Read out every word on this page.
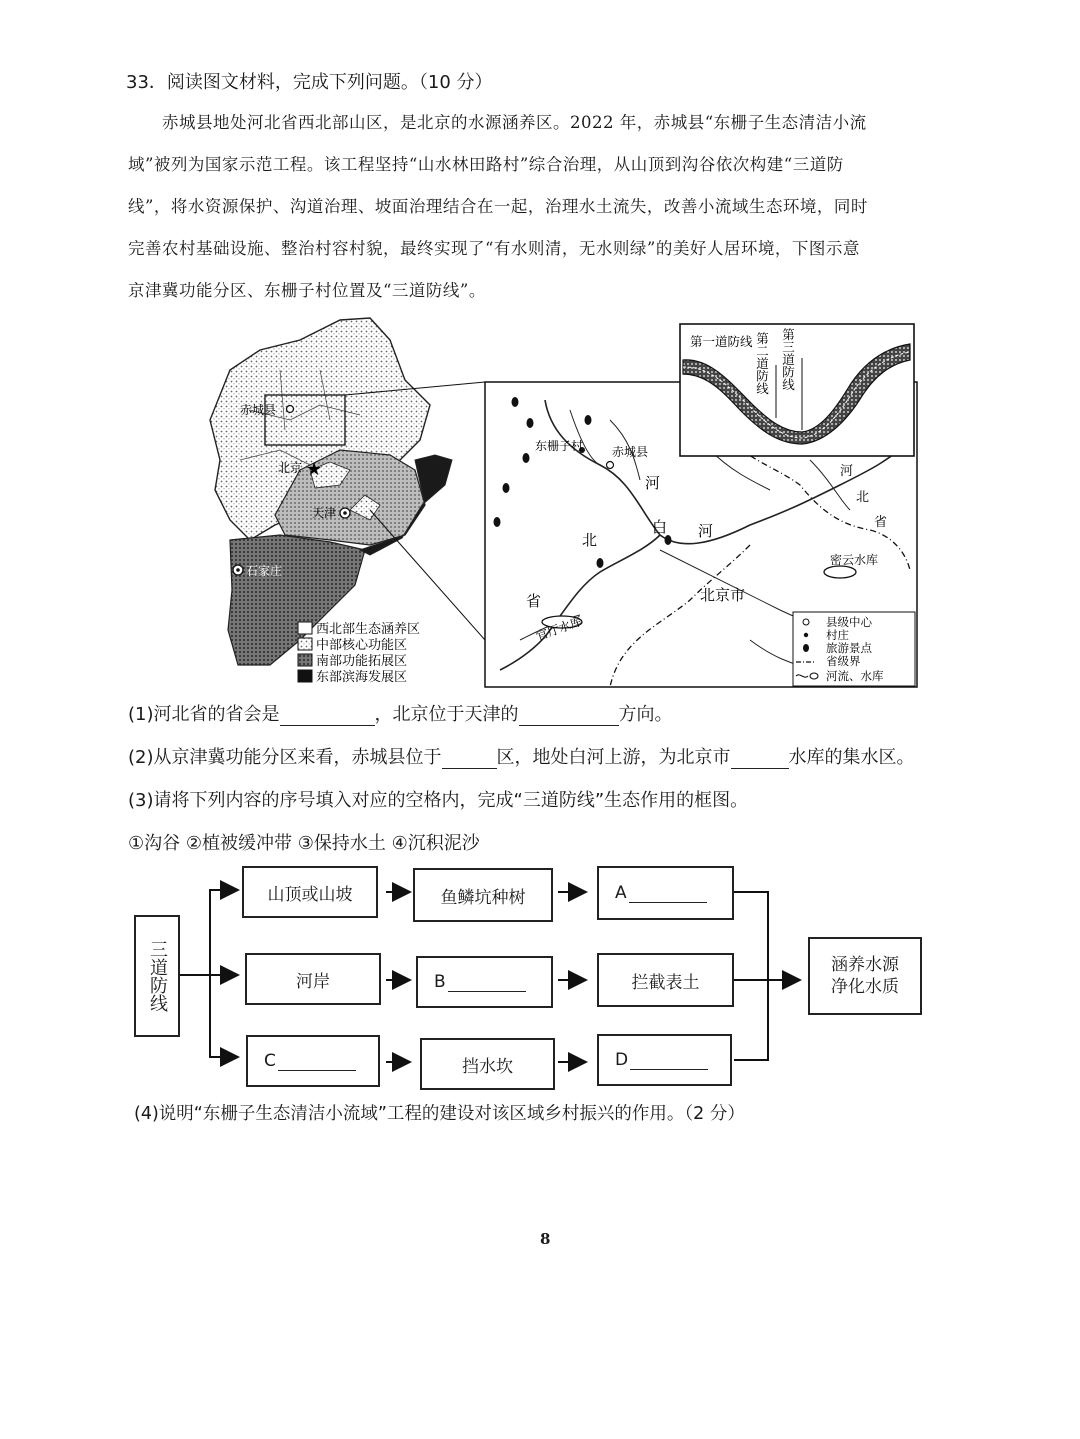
33．阅读图文材料，完成下列问题。（10 分）
赤城县地处河北省西北部山区，是北京的水源涵养区。2022 年，赤城县“东栅子生态清洁小流
域”被列为国家示范工程。该工程坚持“山水林田路村”综合治理，从山顶到沟谷依次构建“三道防
线”，将水资源保护、沟道治理、坡面治理结合在一起，治理水土流失，改善小流域生态环境，同时
完善农村基础设施、整治村容村貌，最终实现了“有水则清，无水则绿”的美好人居环境，下图示意
京津冀功能分区、东栅子村位置及“三道防线”。
赤城县
★
北京
天津
石家庄
西北部生态涵养区
中部核心功能区
南部功能拓展区
东部滨海发展区
东栅子村 赤城县
河
白 河
河
北
省
北
省
密云水库
官厅水库
北京市
县级中心
村庄
旅游景点
省级界
河流、水库
第一道防线 第二道防线 第三道防线
(1)河北省的省会是	，北京位于天津的	方向。
(2)从京津冀功能分区来看，赤城县位于	区，地处白河上游，为北京市	水库的集水区。
(3)请将下列内容的序号填入对应的空格内，完成“三道防线”生态作用的框图。
①沟谷 ②植被缓冲带 ③保持水土 ④沉积泥沙
三道防线
山顶或山坡	鱼鳞坑种树	A
河岸	B	拦截表土
C	挡水坎	D
涵养水源
净化水质
(4)说明“东栅子生态清洁小流域”工程的建设对该区域乡村振兴的作用。（2 分）
8
